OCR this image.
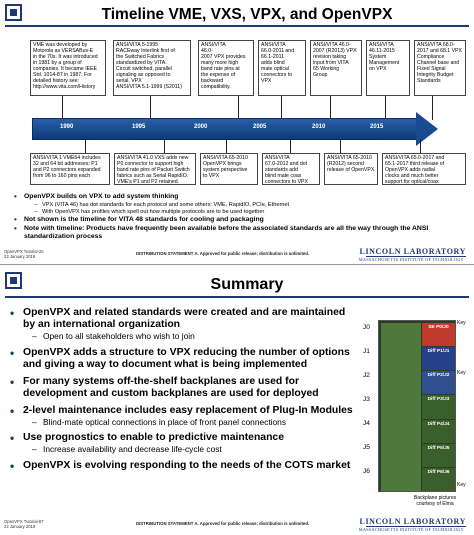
Timeline VME, VXS, VPX, and OpenVPX
VME was developed by
Motorola as VERSABus-E
in the 70s. It was introduced
in 1981 by a group of
companies. It became IEEE
Std. 1014-87 in 1987. For
detailed history see:
http://www.vita.com/History
ANSI/VITA 5-1995
RACEway Interlink first of
the Switched Fabrics
standardized by VITA.
Circuit switched, parallel
signaling as opposed to
serial. VPX
ANSI/VITA 5.1-1999 (S2011)
ANSI/VITA
46.0-
2007 VPX provides
many more high
band rate pins at
the expense of
backward
compatibility.
ANSI/VITA
66.0-2011 and
66.1-2011
adds blind
mate optical
connectors to
VPX
ANSI/VITA 46.0-
2007 (R2013) VPX
revision taking
input from VITA
65 Working
Group
ANSI/VITA
46.11-2015
System
Management
on VPX
ANSI/VITA 68.0-
2017 and 68.1 VPX
Compliance
Channel base and
Fixed Signal
Integrity Budget
Standards
1990	1995	2000	2005	2010	2015
ANSI/VITA 1 VME64 includes
32 and 64 bit addresses: P1
and P2 connectors expanded
from 96 to 160 pins each
ANSI/VITA 41.0 VXS adds new
P0 connector to support high
band rate pins of Packet Switch
fabrics such as Serial RapidIO.
VME's P1 and P2 retained.
ANSI/VITA 65-2010
OpenVPX brings
system perspective
to VPX
ANSI/VITA
67.0-2012 and dot
standards add
blind mate coax
connectors to VPX
ANSI/VITA 65-2010
(R2012) second
release of OpenVPX
ANSI/VITA 65.0-2017 and
65.1-2017 third release of
OpenVPX adds radial
clocks and much better
support for optical/coax
• OpenVPX builds on VPX to add system thinking
– VPX (VITA 46) has dot standards for each protocol and some others: VME, RapidIO, PCIe, Ethernet
– With OpenVPX has profiles which spell out how multiple protocols are to be used together
• Not shown is the timeline for VITA 48 standards for cooling and packaging
• Note with timeline: Products have frequently been available before the associated standards are all the way through the ANSI standardization process
OpenVPX Tutorial-20
22 January 2019
DISTRIBUTION STATEMENT A. Approved for public release; distribution is unlimited.	LINCOLN LABORATORY
MASSACHUSETTS INSTITUTE OF TECHNOLOGY
Summary
• OpenVPX and related standards were created and are maintained by an international organization
– Open to all stakeholders who wish to join
• OpenVPX adds a structure to VPX reducing the number of options and giving a way to document what is being implemented
• For many systems off-the-shelf backplanes are used for development and custom backplanes are used for deployed
• 2-level maintenance includes easy replacement of Plug-In Modules
– Blind-mate optical connections in place of front panel connections
• Use prognostics to enable to predictive maintenance
– Increase availability and decrease life-cycle cost
• OpenVPX is evolving responding to the needs of the COTS market
SE P0/J0
Diff P1/J1
Diff P2/J2
Diff P3/J3
Diff P4/J4
Diff P5/J5
Diff P6/J6
J0
J1
J2
J3
J4
J5
J6
Key
Key
Key
Backplane pictures
courtesy of Elma
OpenVPX Tutorial-87
22 January 2019
DISTRIBUTION STATEMENT A. Approved for public release; distribution is unlimited.	LINCOLN LABORATORY
MASSACHUSETTS INSTITUTE OF TECHNOLOGY
